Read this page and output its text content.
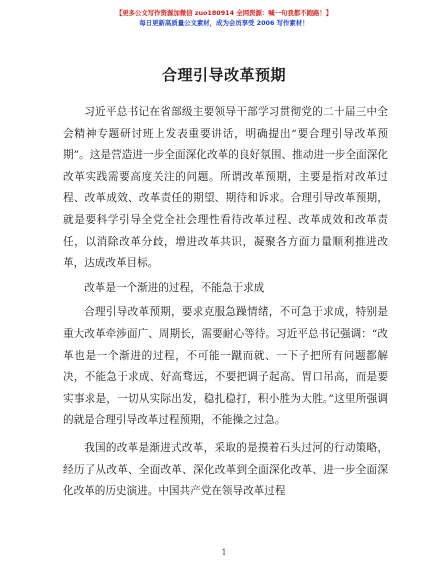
【更多公文写作资源加微信 zuo180914 全网资源：喊一句我都不跑路！】
每日更新高质量公文素材，成为会员享受 2006 写作素材！
合理引导改革预期

习近平总书记在省部级主要领导干部学习贯彻党的二十届三中全会精神专题研讨班上发表重要讲话，明确提出“要合理引导改革预期”。这是营造进一步全面深化改革的良好氛围、推动进一步全面深化改革实践需要高度关注的问题。所谓改革预期，主要是指对改革过程、改革成效、改革责任的期望、期待和诉求。合理引导改革预期，就是要科学引导全党全社会理性看待改革过程、改革成效和改革责任，以消除改革分歧，增进改革共识，凝聚各方面力量顺利推进改革，达成改革目标。

改革是一个渐进的过程，不能急于求成

合理引导改革预期，要求克服急躁情绪，不可急于求成，特别是重大改革牵涉面广、周期长，需要耐心等待。习近平总书记强调：“改革也是一个渐进的过程，不可能一蹴而就、一下子把所有问题都解决，不能急于求成、好高骛远，不要把调子起高、胃口吊高，而是要实事求是，一切从实际出发，稳扎稳打，积小胜为大胜。”这里所强调的就是合理引导改革过程预期，不能操之过急。

我国的改革是渐进式改革，采取的是摸着石头过河的行动策略，经历了从改革、全面改革、深化改革到全面深化改革、进一步全面深化改革的历史演进。中国共产党在领导改革过程

1
